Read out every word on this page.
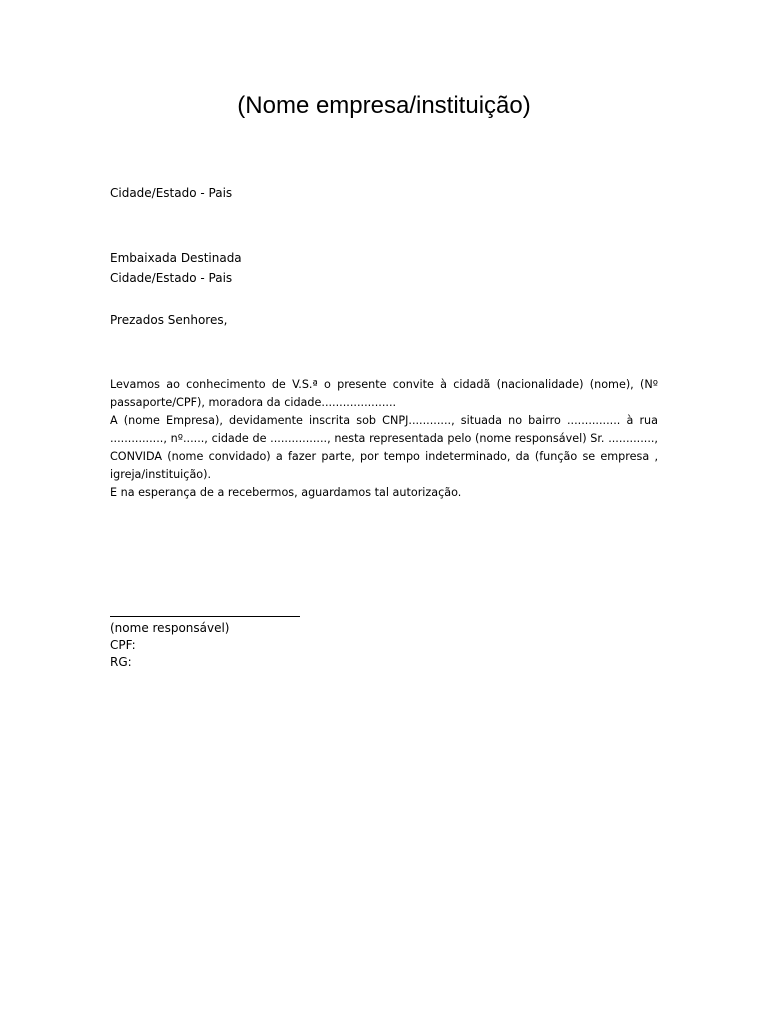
(Nome empresa/instituição)
Cidade/Estado - Pais
Embaixada Destinada
Cidade/Estado - Pais
Prezados Senhores,

Levamos ao conhecimento de V.S.ª o presente convite à cidadã (nacionalidade) (nome), (Nº passaporte/CPF), moradora da cidade.....................

A (nome Empresa), devidamente inscrita sob CNPJ............, situada no bairro ............... à rua ..............., nº......, cidade de ................, nesta representada pelo (nome responsável) Sr. ............., CONVIDA (nome convidado) a fazer parte, por tempo indeterminado, da (função se empresa , igreja/instituição).

E na esperança de a recebermos, aguardamos tal autorização.

(nome responsável)
CPF:
RG:
